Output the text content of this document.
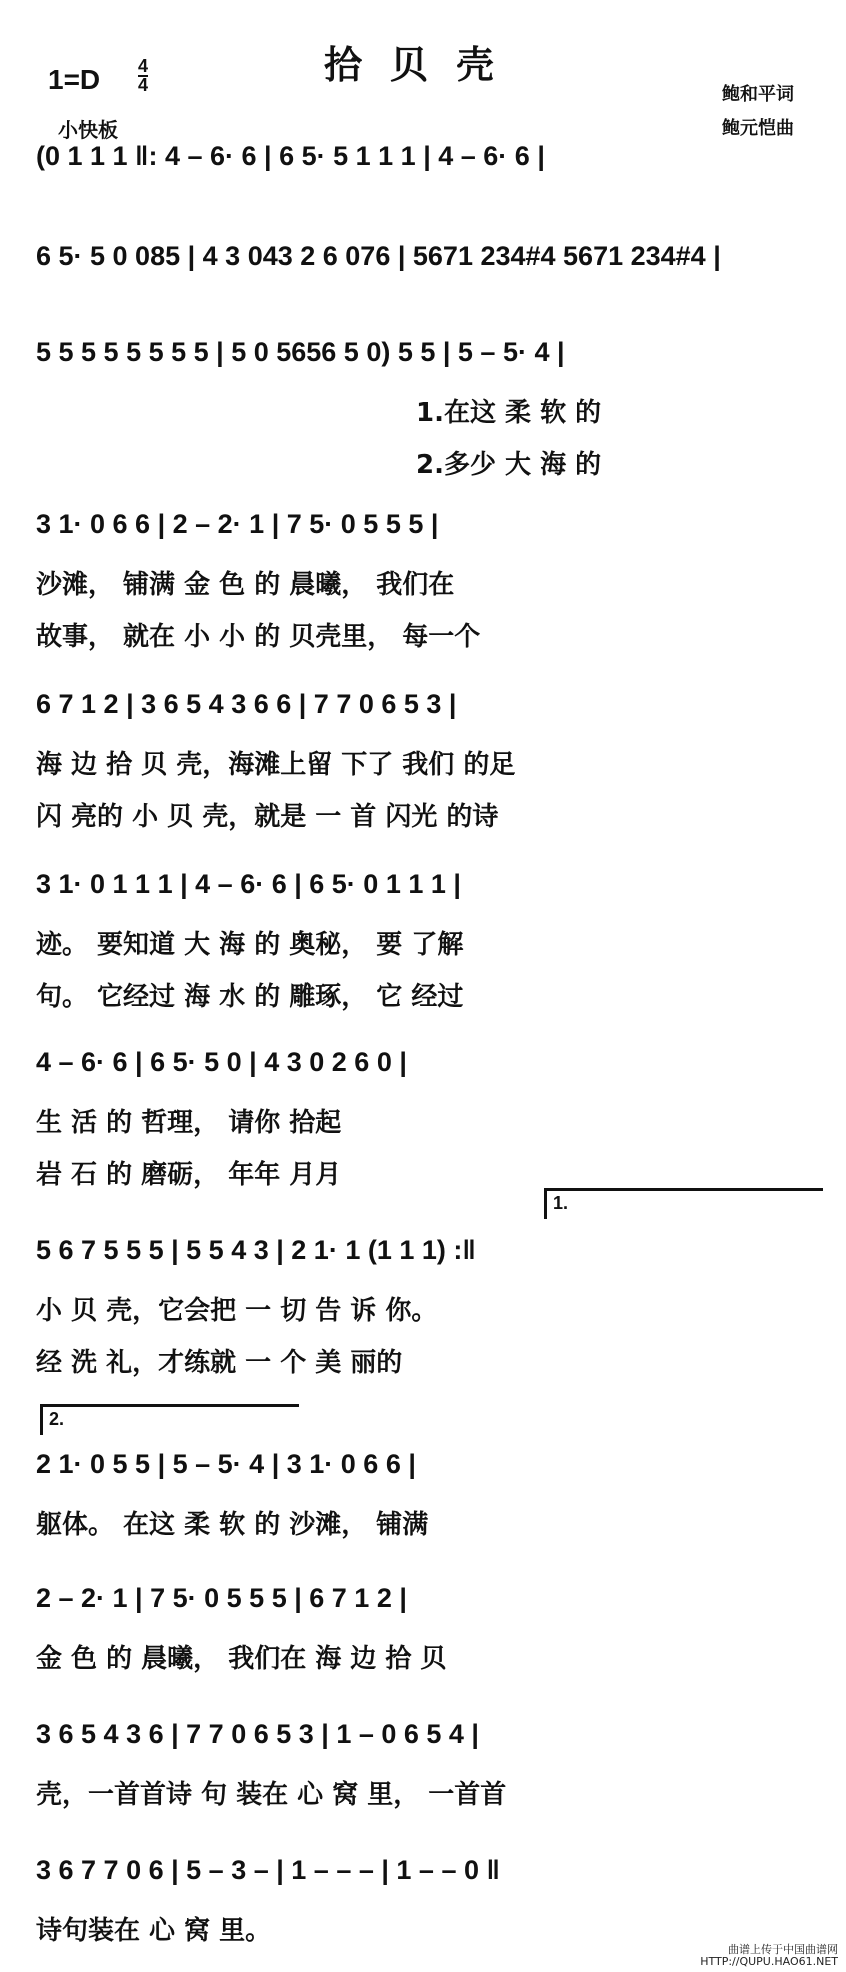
拾贝壳
1=D 4
4
小快板
鲍和平词
鲍元恺曲
(0 1 1 1 ‖: 4 – 6· 6 | 6 5· 5 1 1 1 | 4 – 6· 6 |
6 5· 5 0 085 | 4 3 043 2 6 076 | 5671 234#4 5671 234#4 |
5 5 5 5 5 5 5 5 | 5 0 5656 5 0) 5 5 | 5 – 5· 4 |
1.在这 柔 软 的
2.多少 大 海 的
3 1· 0 6 6 | 2 – 2· 1 | 7 5· 0 5 5 5 |
沙滩， 铺满 金 色 的 晨曦， 我们在
故事， 就在 小 小 的 贝壳里， 每一个
6 7 1 2 | 3 6 5 4 3 6 6 | 7 7 0 6 5 3 |
海 边 拾 贝 壳，海滩上留 下了 我们 的足
闪 亮的 小 贝 壳，就是 一 首 闪光 的诗
3 1· 0 1 1 1 | 4 – 6· 6 | 6 5· 0 1 1 1 |
迹。 要知道 大 海 的 奥秘， 要 了解
句。 它经过 海 水 的 雕琢， 它 经过
4 – 6· 6 | 6 5· 5 0 | 4 3 0 2 6 0 |
生 活 的 哲理， 请你 拾起
岩 石 的 磨砺， 年年 月月
1.
5 6 7 5 5 5 | 5 5 4 3 | 2 1· 1 (1 1 1) :‖
小 贝 壳，它会把 一 切 告 诉 你。
经 洗 礼，才练就 一 个 美 丽的
2.
2 1· 0 5 5 | 5 – 5· 4 | 3 1· 0 6 6 |
躯体。 在这 柔 软 的 沙滩， 铺满
2 – 2· 1 | 7 5· 0 5 5 5 | 6 7 1 2 |
金 色 的 晨曦， 我们在 海 边 拾 贝
3 6 5 4 3 6 | 7 7 0 6 5 3 | 1 – 0 6 5 4 |
壳，一首首诗 句 装在 心 窝 里， 一首首
3 6 7 7 0 6 | 5 – 3 – | 1 – – – | 1 – – 0 ‖
诗句装在 心 窝 里。
曲谱上传于中国曲谱网
HTTP://QUPU.HAO61.NET
